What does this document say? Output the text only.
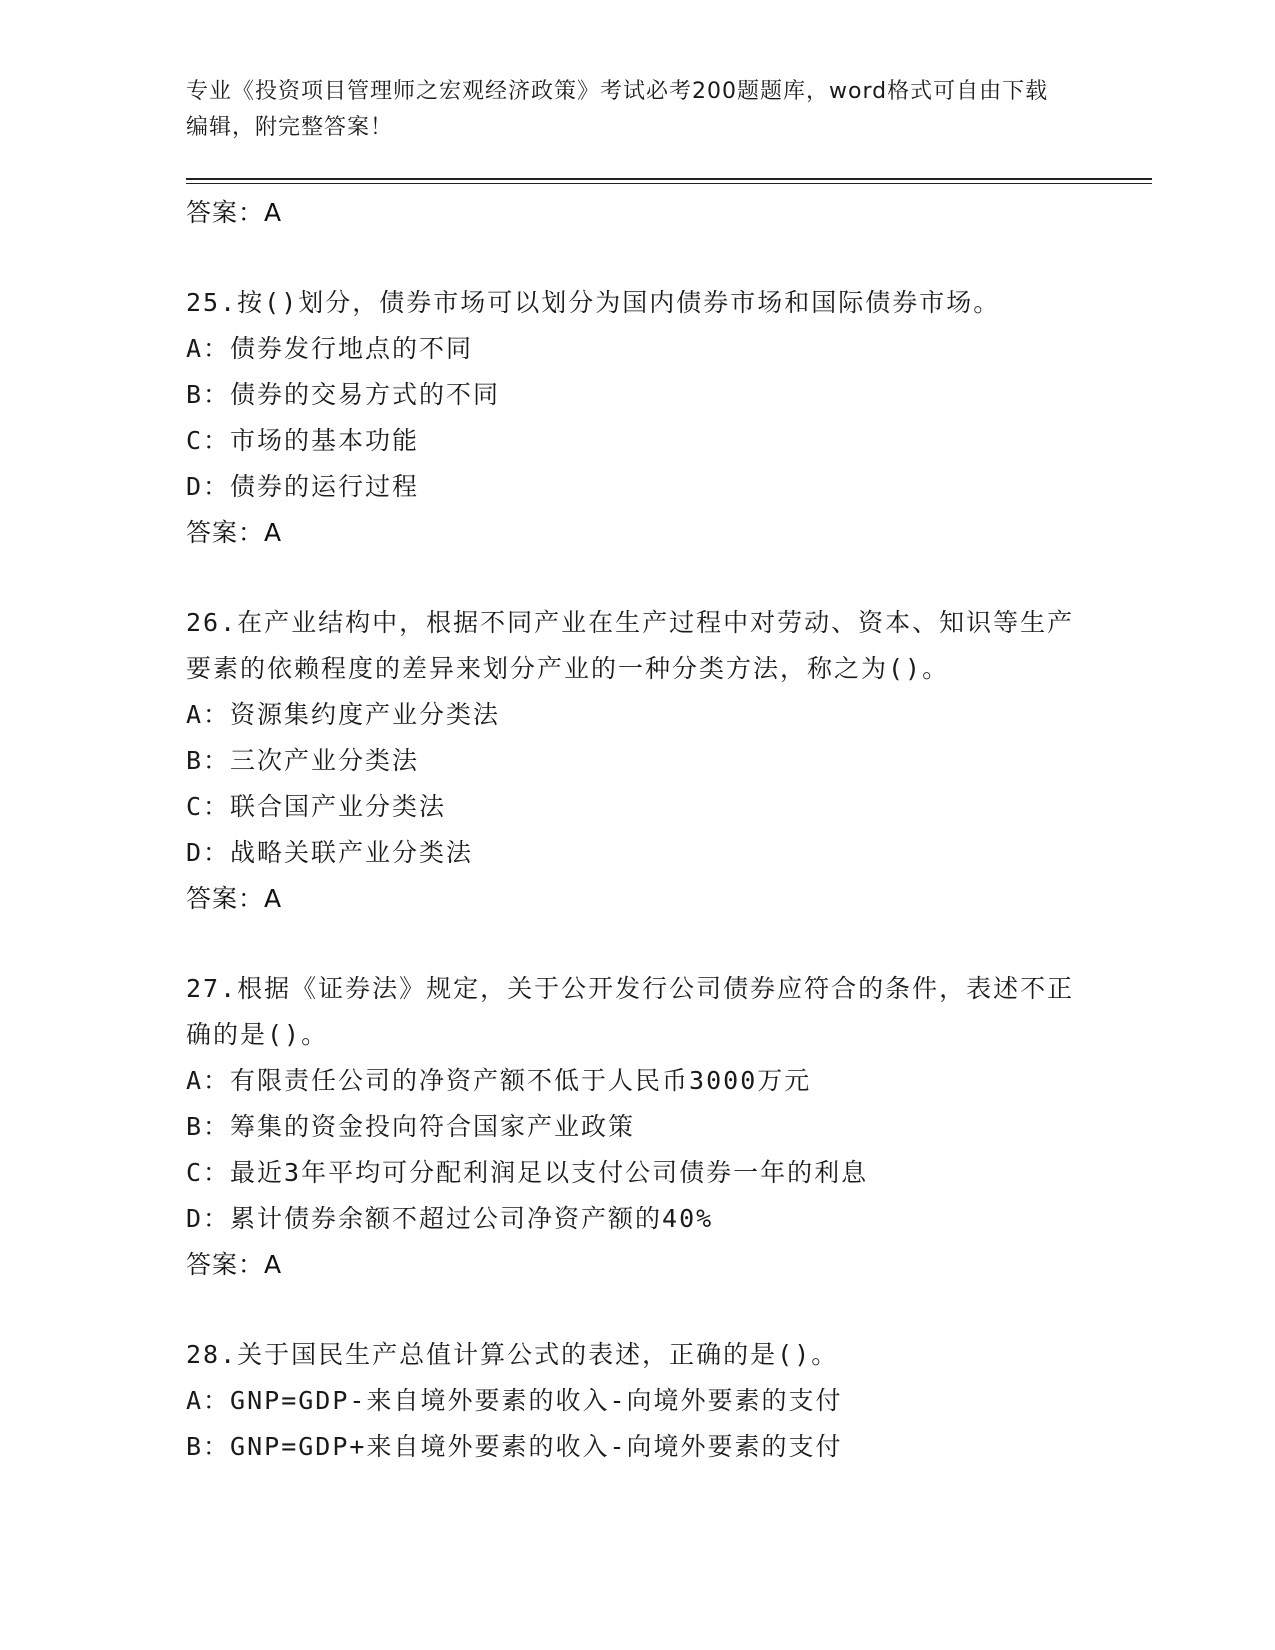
专业《投资项目管理师之宏观经济政策》考试必考200题题库，word格式可自由下载编辑，附完整答案！
答案：A
25.按()划分，债券市场可以划分为国内债券市场和国际债券市场。
A：债券发行地点的不同
B：债券的交易方式的不同
C：市场的基本功能
D：债券的运行过程
答案：A
26.在产业结构中，根据不同产业在生产过程中对劳动、资本、知识等生产要素的依赖程度的差异来划分产业的一种分类方法，称之为()。
A：资源集约度产业分类法
B：三次产业分类法
C：联合国产业分类法
D：战略关联产业分类法
答案：A
27.根据《证券法》规定，关于公开发行公司债券应符合的条件，表述不正确的是()。
A：有限责任公司的净资产额不低于人民币3000万元
B：筹集的资金投向符合国家产业政策
C：最近3年平均可分配利润足以支付公司债券一年的利息
D：累计债券余额不超过公司净资产额的40%
答案：A
28.关于国民生产总值计算公式的表述，正确的是()。
A：GNP=GDP-来自境外要素的收入-向境外要素的支付
B：GNP=GDP+来自境外要素的收入-向境外要素的支付
